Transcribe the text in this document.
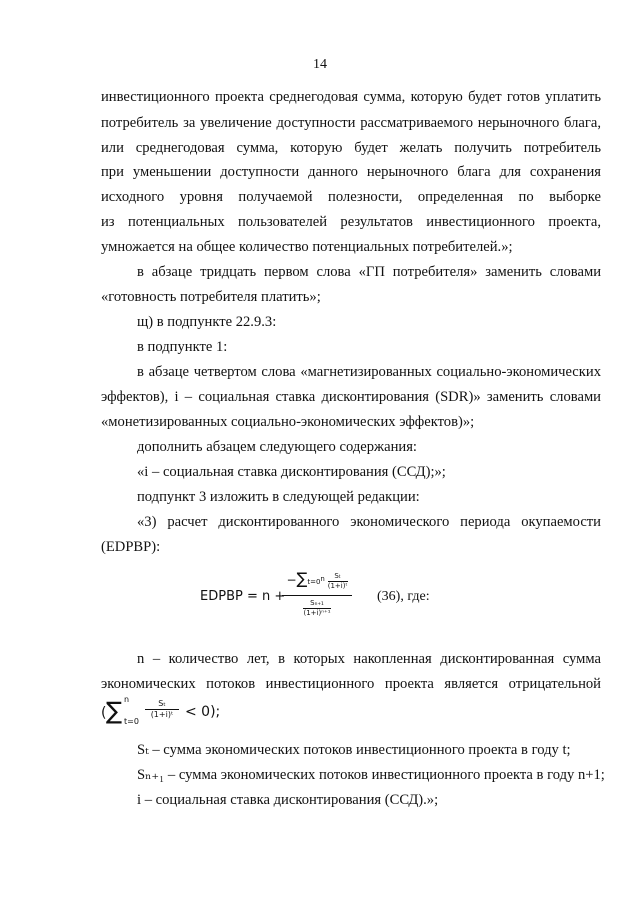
14
инвестиционного проекта среднегодовая сумма, которую будет готов уплатить
потребитель за увеличение доступности рассматриваемого нерыночного блага,
или среднегодовая сумма, которую будет желать получить потребитель
при уменьшении доступности данного нерыночного блага для сохранения
исходного уровня получаемой полезности, определенная по выборке
из потенциальных пользователей результатов инвестиционного проекта,
умножается на общее количество потенциальных потребителей.»;
в абзаце тридцать первом слова «ГП потребителя» заменить словами
«готовность потребителя платить»;
щ) в подпункте 22.9.3:
в подпункте 1:
в абзаце четвертом слова «магнетизированных социально-экономических
эффектов), i – социальная ставка дисконтирования (SDR)» заменить словами
«монетизированных социально-экономических эффектов)»;
дополнить абзацем следующего содержания:
«i – социальная ставка дисконтирования (ССД);»;
подпункт 3 изложить в следующей редакции:
«3) расчет дисконтированного экономического периода окупаемости
(EDPBP):
EDPBP = n +
$-\sum t=0^n \frac{\text{Sₜ}}{\text{(1+i)ᵗ}}$
$\frac{\text{Sₙ₊₁}}{\text{(1+i)ⁿ⁺¹}}$
(36), где:
n – количество лет, в которых накопленная дисконтированная сумма
экономических потоков инвестиционного проекта является отрицательной
( ∑ n
t=0
$\frac{\text{Sₜ}}{\text{(1+i)ᵗ}} < 0$);
Sₜ – сумма экономических потоков инвестиционного проекта в году t;
Sₙ₊₁ – сумма экономических потоков инвестиционного проекта в году n+1;
i – социальная ставка дисконтирования (ССД).»;
